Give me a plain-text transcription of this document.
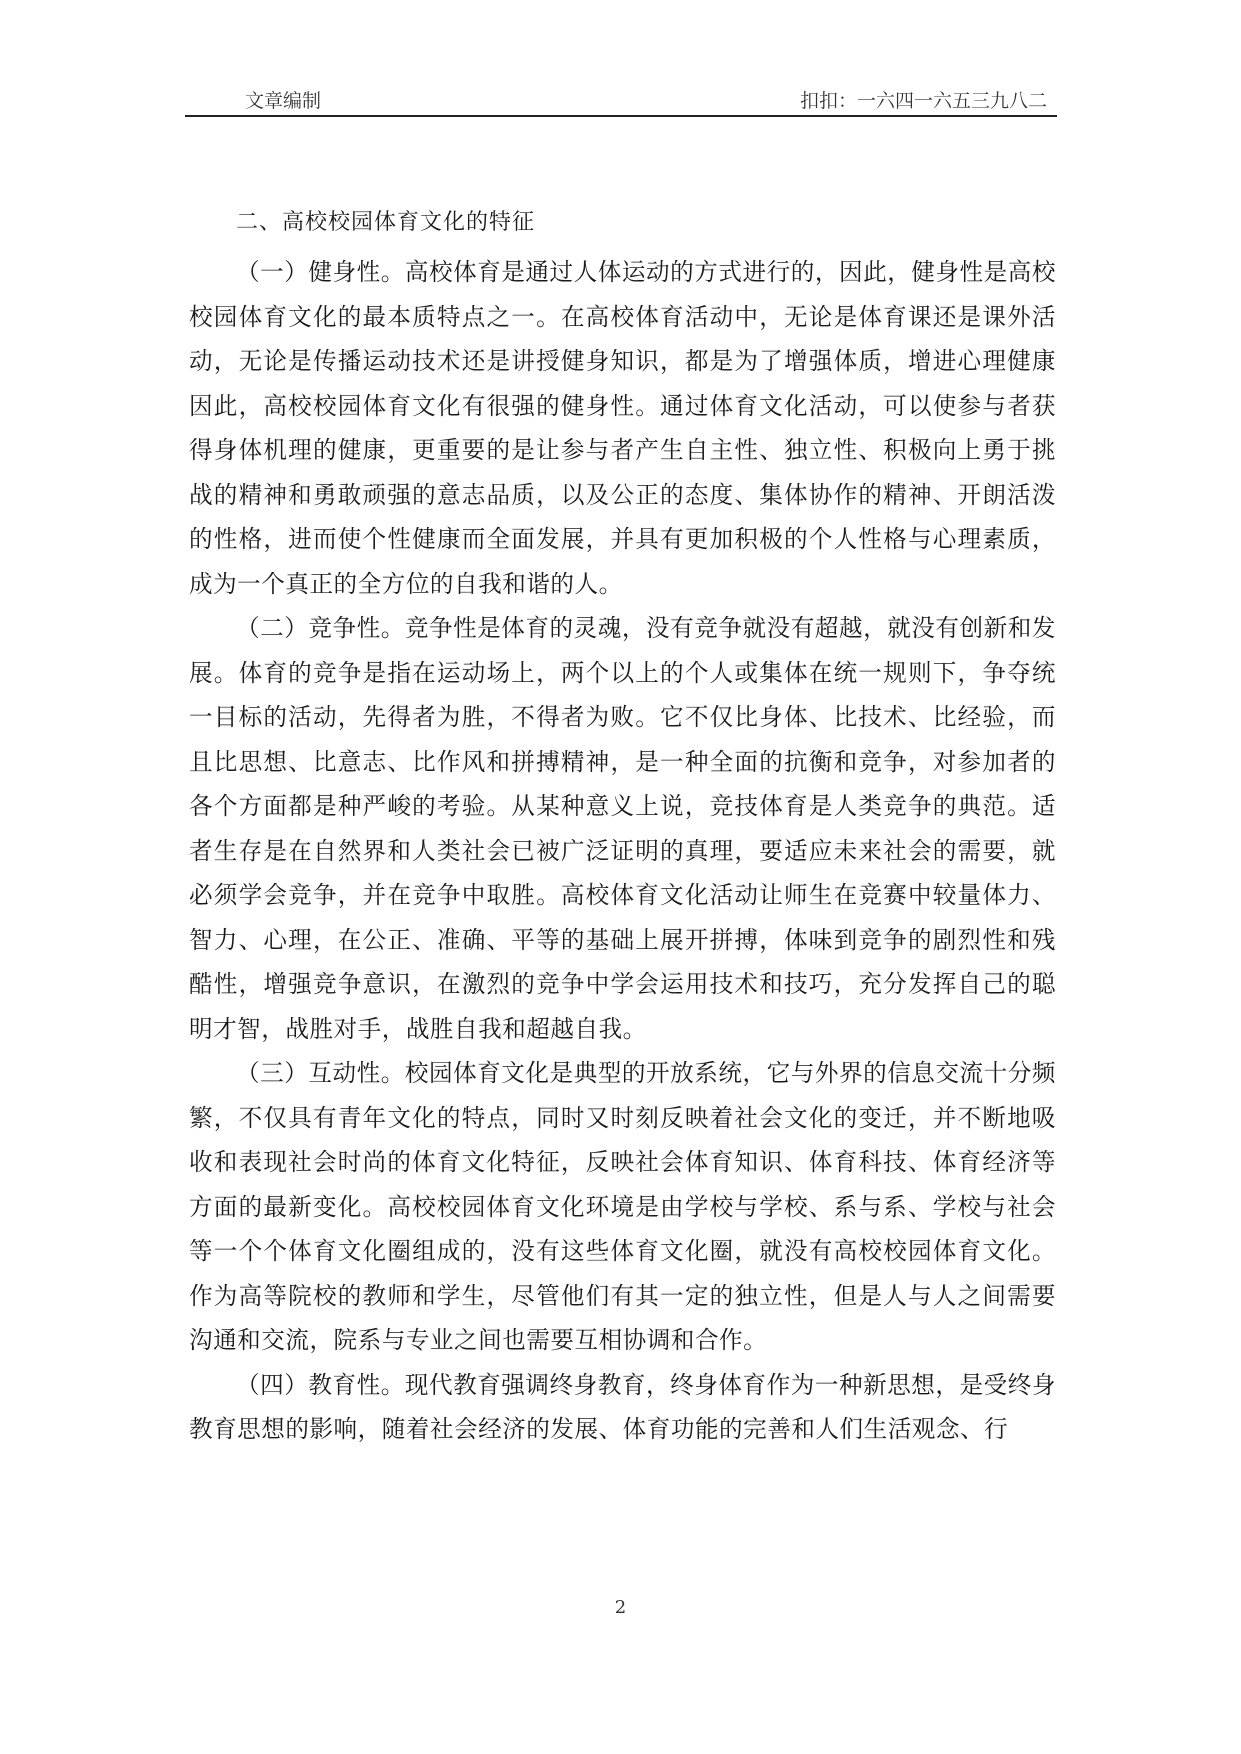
文章编制	扣扣：一六四一六五三九八二
二、高校校园体育文化的特征

（一）健身性。高校体育是通过人体运动的方式进行的，因此，健身性是高校校园体育文化的最本质特点之一。在高校体育活动中，无论是体育课还是课外活动，无论是传播运动技术还是讲授健身知识，都是为了增强体质，增进心理健康 因此，高校校园体育文化有很强的健身性。通过体育文化活动，可以使参与者获得身体机理的健康，更重要的是让参与者产生自主性、独立性、积极向上勇于挑战的精神和勇敢顽强的意志品质，以及公正的态度、集体协作的精神、开朗活泼的性格，进而使个性健康而全面发展，并具有更加积极的个人性格与心理素质，成为一个真正的全方位的自我和谐的人。

（二）竞争性。竞争性是体育的灵魂，没有竞争就没有超越，就没有创新和发展。体育的竞争是指在运动场上，两个以上的个人或集体在统一规则下，争夺统一目标的活动，先得者为胜，不得者为败。它不仅比身体、比技术、比经验，而且比思想、比意志、比作风和拼搏精神，是一种全面的抗衡和竞争，对参加者的各个方面都是种严峻的考验。从某种意义上说，竞技体育是人类竞争的典范。适者生存是在自然界和人类社会已被广泛证明的真理，要适应未来社会的需要，就必须学会竞争，并在竞争中取胜。高校体育文化活动让师生在竞赛中较量体力、智力、心理，在公正、准确、平等的基础上展开拼搏，体味到竞争的剧烈性和残酷性，增强竞争意识，在激烈的竞争中学会运用技术和技巧，充分发挥自己的聪明才智，战胜对手，战胜自我和超越自我。

（三）互动性。校园体育文化是典型的开放系统，它与外界的信息交流十分频繁，不仅具有青年文化的特点，同时又时刻反映着社会文化的变迁，并不断地吸收和表现社会时尚的体育文化特征，反映社会体育知识、体育科技、体育经济等方面的最新变化。高校校园体育文化环境是由学校与学校、系与系、学校与社会等一个个体育文化圈组成的，没有这些体育文化圈，就没有高校校园体育文化。作为高等院校的教师和学生，尽管他们有其一定的独立性，但是人与人之间需要沟通和交流，院系与专业之间也需要互相协调和合作。

（四）教育性。现代教育强调终身教育，终身体育作为一种新思想，是受终身教育思想的影响，随着社会经济的发展、体育功能的完善和人们生活观念、行

2
